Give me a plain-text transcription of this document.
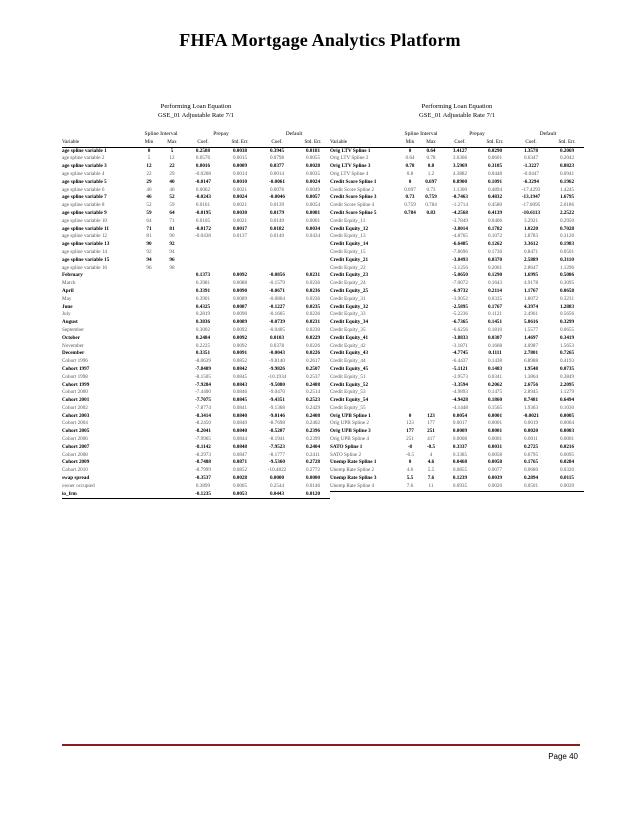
FHFA Mortgage Analytics Platform
Performing Loan Equation
GSE_01 Adjustable Rate 7/1
	Spline Interval		Prepay		Default	
Variable	Min	Max	Coef.	Std. Err.	Coef.	Std. Err.
age spline variable 1	0	5	0.2588	0.0038	0.3945	0.0181
age spline variable 2	5	12	0.0576	0.0015	0.0798	0.0055
age spline variable 3	12	22	0.0016	0.0009	0.0377	0.0028
age spline variable 4	22	29	-0.0208	0.0014	0.0014	0.0035
age spline variable 5	29	40	-0.0147	0.0010	-0.0061	0.0024
age spline variable 6	40	46	0.0062	0.0021	0.0076	0.0049
age spline variable 7	46	52	-0.0243	0.0024	-0.0046	0.0057
age spline variable 8	52	59	0.0161	0.0021	0.0139	0.0054
age spline variable 9	59	64	-0.0195	0.0030	0.0179	0.0081
age spline variable 10	64	71	0.0105	0.0021	0.0140	0.0061
age spline variable 11	71	81	-0.0172	0.0017	0.0182	0.0034
age spline variable 12	81	90	-0.0438	0.0137	0.0140	0.0434
age spline variable 13	90	92				
age spline variable 14	92	94				
age spline variable 15	94	96				
age spline variable 16	96	98				
February			0.1373	0.0092	-0.0856	0.0231
March			0.3981	0.0088	-0.1579	0.0236
April			0.3391	0.0090	-0.0671	0.0236
May			0.3901	0.0089	-0.0804	0.0236
June			0.4325	0.0087	-0.1227	0.0235
July			0.2819	0.0090	-0.1665	0.0236
August			0.3836	0.0089	-0.0739	0.0231
September			0.3002	0.0092	-0.0405	0.0230
October			0.2484	0.0092	0.0103	0.0229
November			0.2225	0.0092	0.0378	0.0226
December			0.3351	0.0091	-0.0043	0.0226
Cohort 1996			-8.0639	0.0852	-9.8140	0.2617
Cohort 1997			-7.8409	0.0842	-9.9826	0.2507
Cohort 1998			-8.1505	0.0845	-10.1934	0.2537
Cohort 1999			-7.9284	0.0843	-9.5080	0.2488
Cohort 2000			-7.4400	0.0846	-9.0470	0.2514
Cohort 2001			-7.7075	0.0845	-9.4351	0.2523
Cohort 2002			-7.8774	0.0841	-9.1368	0.2429
Cohort 2003			-8.3414	0.0840	-9.0146	0.2408
Cohort 2004			-8.2450	0.0840	-8.7698	0.2402
Cohort 2005			-8.2041	0.0840	-8.5207	0.2396
Cohort 2006			-7.9965	0.0844	-8.1941	0.2399
Cohort 2007			-8.1142	0.0848	-7.9523	0.2404
Cohort 2008			-8.2973	0.0847	-8.1777	0.2411
Cohort 2009			-8.7488	0.0871	-9.5360	0.2728
Cohort 2010			-8.7999	0.0852	-10.4822	0.2772
swap spread			-0.3537	0.0028	0.0000	0.0000
owner occupied			0.3899	0.0065	0.2544	0.0146
io_frm			-0.1235	0.0053	0.0443	0.0120
Performing Loan Equation
GSE_01 Adjustable Rate 7/1
	Spline Interval		Prepay		Default	
Variable	Min	Max	Coef.	Std. Err.	Coef.	Std. Err.
Orig LTV Spline 1	0	0.64	3.4127	0.0290	1.3578	0.2069
Orig LTV Spline 2	0.64	0.78	3.6366	0.0601	0.6347	0.2042
Orig LTV Spline 3	0.78	0.8	3.5969	0.3105	-1.3227	0.8823
Orig LTV Spline 4	0.8	1.2	4.3882	0.0448	-0.0447	0.0941
Credit Score Spline 1	0	0.697	0.8900	0.1091	-6.3294	0.1962
Credit Score Spline 2	0.697	0.73	1.1300	0.4894	-17.4293	1.4245
Credit Score Spline 3	0.73	0.759	-0.7463	0.4832	-13.1947	1.6795
Credit Score Spline 4	0.759	0.784	-1.2714	0.4580	-17.6095	2.0186
Credit Score Spline 5	0.784	0.83	-4.2568	0.4139	-10.6113	2.2522
Credit Equity_11			-3.7849	0.0406	3.2921	0.2950
Credit Equity_12			-3.8014	0.1782	1.0220	0.7028
Credit Equity_13			-4.8765	0.1072	1.8783	0.3126
Credit Equity_14			-6.6485	0.1262	3.3612	0.1983
Credit Equity_15			-7.8696	0.1736	0.8471	0.0501
Credit Equity_21			-3.8493	0.0370	2.5889	0.3110
Credit Equity_22			-3.1256	0.2061	2.8647	1.1296
Credit Equity_23			-5.0650	0.1290	1.6995	0.5086
Credit Equity_24			-7.0072	0.1643	4.9178	0.3095
Credit Equity_25			-6.9732	0.2114	1.1767	0.0658
Credit Equity_31			-3.9052	0.0335	1.8072	0.3231
Credit Equity_32			-2.5895	0.1767	4.3974	1.2883
Credit Equity_33			-5.2236	0.1121	2.4961	0.5656
Credit Equity_34			-6.7365	0.1451	5.8616	0.3299
Credit Equity_35			-6.6256	0.1810	1.5577	0.0655
Credit Equity_41			-3.8833	0.0307	1.4697	0.3419
Credit Equity_42			-3.1871	0.1668	4.0987	1.5653
Credit Equity_43			-4.7745	0.1111	2.7801	0.7265
Credit Equity_44			-6.4437	0.1438	6.8988	0.4193
Credit Equity_45			-5.1121	0.1483	1.9548	0.0735
Credit Equity_51			-3.9573	0.0341	1.3864	0.3849
Credit Equity_52			-3.3594	0.2062	2.6756	2.2095
Credit Equity_53			-4.9893	0.1475	2.8945	1.1279
Credit Equity_54			-4.9428	0.1860	8.7481	0.6494
Credit Equity_55			-4.1448	0.1565	1.9363	0.1030
Orig UPB Spline 1	0	123	0.0054	0.0001	-0.0021	0.0005
Orig UPB Spline 2	123	177	0.0017	0.0001	0.0019	0.0004
Orig UPB Spline 3	177	251	0.0009	0.0001	0.0020	0.0003
Orig UPB Spline 4	251	417	0.0008	0.0001	0.0011	0.0001
SATO Spline 1	-8	-0.5	0.3337	0.0031	0.2725	0.0216
SATO Spline 2	-0.5	4	0.3385	0.0058	0.6795	0.0095
Unemp Rate Spline 1	0	4.6	0.0468	0.0058	0.1765	0.0284
Unemp Rate Spline 2	4.6	5.5	0.0855	0.0077	0.0680	0.0320
Unemp Rate Spline 3	5.5	7.6	0.1239	0.0039	0.2894	0.0115
Unemp Rate Spline 4	7.6	11	0.0935	0.0020	0.0501	0.0039
Page 40
